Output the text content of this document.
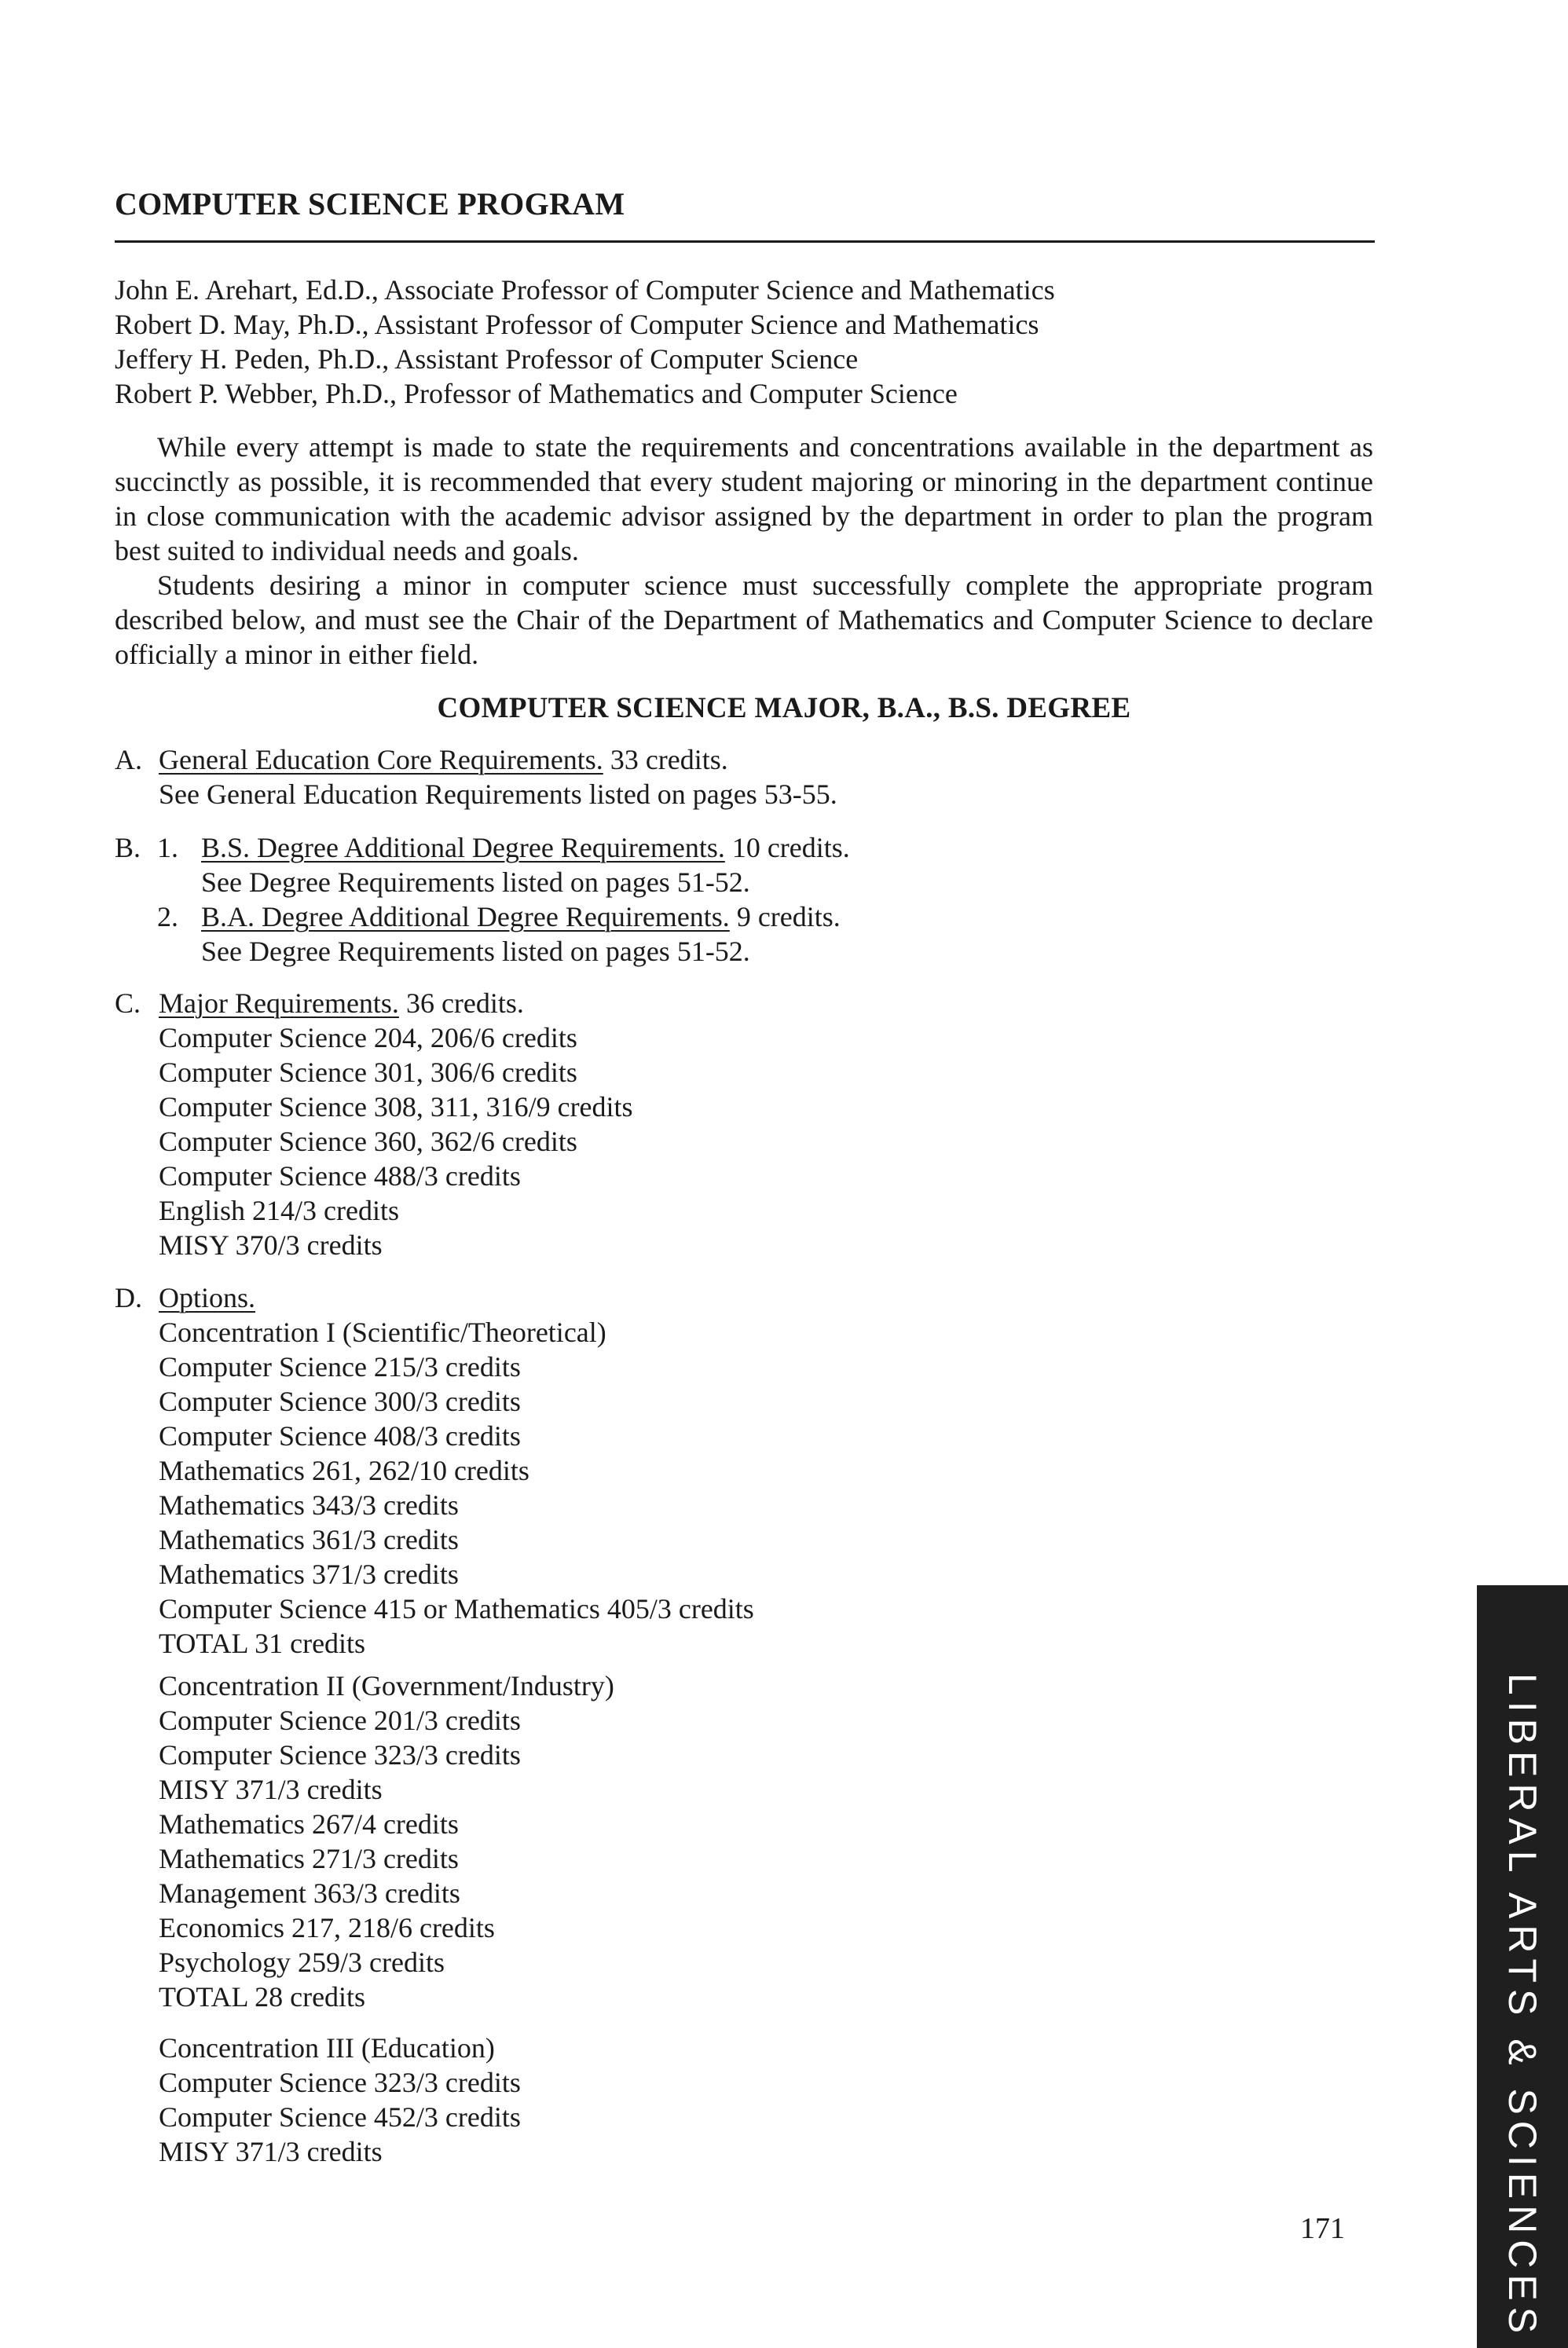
COMPUTER SCIENCE PROGRAM
John E. Arehart, Ed.D., Associate Professor of Computer Science and Mathematics
Robert D. May, Ph.D., Assistant Professor of Computer Science and Mathematics
Jeffery H. Peden, Ph.D., Assistant Professor of Computer Science
Robert P. Webber, Ph.D., Professor of Mathematics and Computer Science

While every attempt is made to state the requirements and concentrations available in the department as succinctly as possible, it is recommended that every student majoring or minoring in the department continue in close communication with the academic advisor assigned by the department in order to plan the program best suited to individual needs and goals.

Students desiring a minor in computer science must successfully complete the appropriate program described below, and must see the Chair of the Department of Mathematics and Computer Science to declare officially a minor in either field.

COMPUTER SCIENCE MAJOR, B.A., B.S. DEGREE
A. General Education Core Requirements. 33 credits.
See General Education Requirements listed on pages 53-55.
B. 1. B.S. Degree Additional Degree Requirements. 10 credits.
See Degree Requirements listed on pages 51-52.
2. B.A. Degree Additional Degree Requirements. 9 credits.
See Degree Requirements listed on pages 51-52.
C. Major Requirements. 36 credits.
Computer Science 204, 206/6 credits
Computer Science 301, 306/6 credits
Computer Science 308, 311, 316/9 credits
Computer Science 360, 362/6 credits
Computer Science 488/3 credits
English 214/3 credits
MISY 370/3 credits
D. Options.
Concentration I (Scientific/Theoretical)
Computer Science 215/3 credits
Computer Science 300/3 credits
Computer Science 408/3 credits
Mathematics 261, 262/10 credits
Mathematics 343/3 credits
Mathematics 361/3 credits
Mathematics 371/3 credits
Computer Science 415 or Mathematics 405/3 credits
TOTAL 31 credits
Concentration II (Government/Industry)
Computer Science 201/3 credits
Computer Science 323/3 credits
MISY 371/3 credits
Mathematics 267/4 credits
Mathematics 271/3 credits
Management 363/3 credits
Economics 217, 218/6 credits
Psychology 259/3 credits
TOTAL 28 credits
Concentration III (Education)
Computer Science 323/3 credits
Computer Science 452/3 credits
MISY 371/3 credits	LIBERAL ARTS & SCIENCES
171
